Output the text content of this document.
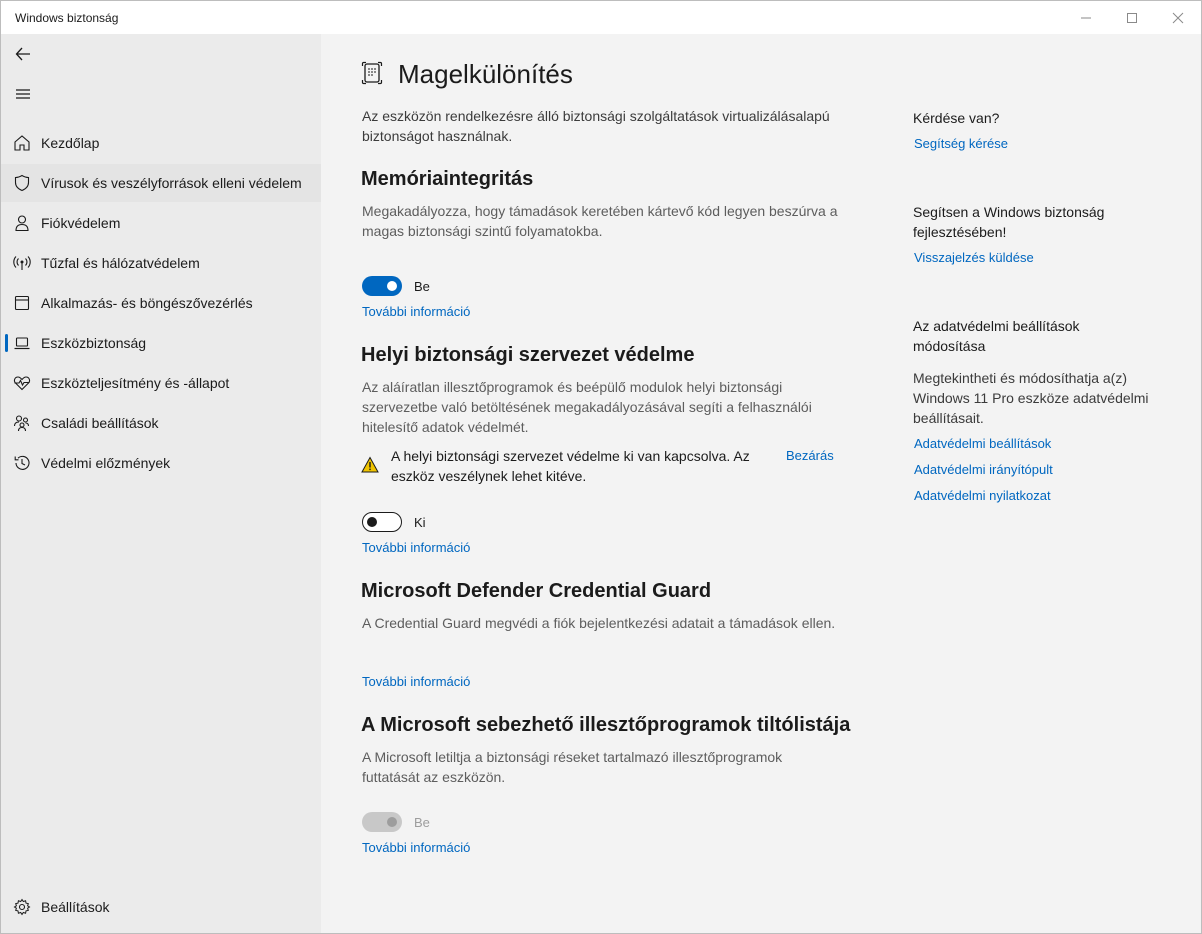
Windows biztonság
Kezdőlap
Vírusok és veszélyforrások elleni védelem
Fiókvédelem
Tűzfal és hálózatvédelem
Alkalmazás- és böngészővezérlés
Eszközbiztonság
Eszközteljesítmény és -állapot
Családi beállítások
Védelmi előzmények
Beállítások
Magelkülönítés
Az eszközön rendelkezésre álló biztonsági szolgáltatások virtualizálásalapú biztonságot használnak.
Memóriaintegritás
Megakadályozza, hogy támadások keretében kártevő kód legyen beszúrva a magas biztonsági szintű folyamatokba.
Be
További információ
Helyi biztonsági szervezet védelme
Az aláíratlan illesztőprogramok és beépülő modulok helyi biztonsági szervezetbe való betöltésének megakadályozásával segíti a felhasználói hitelesítő adatok védelmét.
A helyi biztonsági szervezet védelme ki van kapcsolva. Az eszköz veszélynek lehet kitéve.
Bezárás
Ki
További információ
Microsoft Defender Credential Guard
A Credential Guard megvédi a fiók bejelentkezési adatait a támadások ellen.
További információ
A Microsoft sebezhető illesztőprogramok tiltólistája
A Microsoft letiltja a biztonsági réseket tartalmazó illesztőprogramok futtatását az eszközön.
Be
További információ
Kérdése van?
Segítség kérése
Segítsen a Windows biztonság fejlesztésében!
Visszajelzés küldése
Az adatvédelmi beállítások módosítása
Megtekintheti és módosíthatja a(z) Windows 11 Pro eszköze adatvédelmi beállításait.
Adatvédelmi beállítások
Adatvédelmi irányítópult
Adatvédelmi nyilatkozat
